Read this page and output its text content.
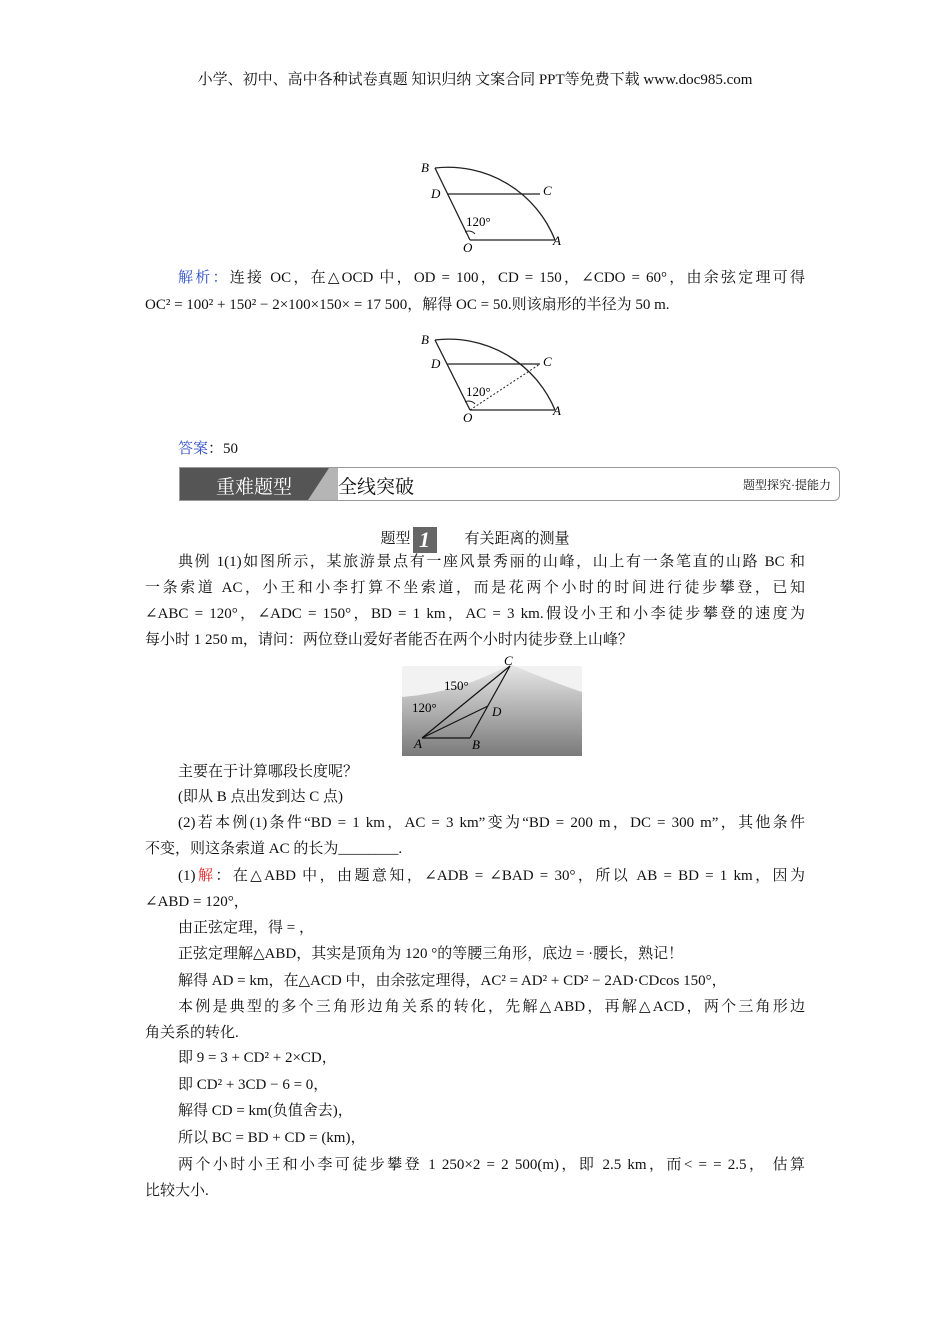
小学、初中、高中各种试卷真题 知识归纳 文案合同 PPT等免费下载 www.doc985.com
B
D	C
120°
O	A
解析：连接 OC，在△OCD 中，OD = 100，CD = 150，∠CDO = 60°，由余弦定理可得
OC² = 100² + 150² − 2×100×150× = 17 500，解得 OC = 50.则该扇形的半径为 50 m.
B
D	C
120°
O	A
答案：50
重难题型 全线突破	题型探究·提能力
题型 1 有关距离的测量
典例 1(1)如图所示，某旅游景点有一座风景秀丽的山峰，山上有一条笔直的山路 BC 和
一条索道 AC，小王和小李打算不坐索道，而是花两个小时的时间进行徒步攀登，已知
∠ABC = 120°，∠ADC = 150°，BD = 1 km，AC = 3 km.假设小王和小李徒步攀登的速度为
每小时 1 250 m，请问：两位登山爱好者能否在两个小时内徒步登上山峰？
C
150°
120°	D
A	B
主要在于计算哪段长度呢？
(即从 B 点出发到达 C 点)
(2)若本例(1)条件“BD = 1 km，AC = 3 km”变为“BD = 200 m，DC = 300 m”，其他条件
不变，则这条索道 AC 的长为________.
(1)解：在△ABD 中，由题意知，∠ADB = ∠BAD = 30°，所以 AB = BD = 1 km，因为
∠ABD = 120°，
由正弦定理，得 = ，
正弦定理解△ABD，其实是顶角为 120 °的等腰三角形，底边 = ·腰长，熟记！
解得 AD = km，在△ACD 中，由余弦定理得，AC² = AD² + CD² − 2AD·CDcos 150°，
本例是典型的多个三角形边角关系的转化，先解△ABD，再解△ACD，两个三角形边
角关系的转化.
即 9 = 3 + CD² + 2×CD，
即 CD² + 3CD − 6 = 0，
解得 CD = km(负值舍去)，
所以 BC = BD + CD = (km)，
两个小时小王和小李可徒步攀登 1 250×2 = 2 500(m)，即 2.5 km，而< = = 2.5， 估算
比较大小.
